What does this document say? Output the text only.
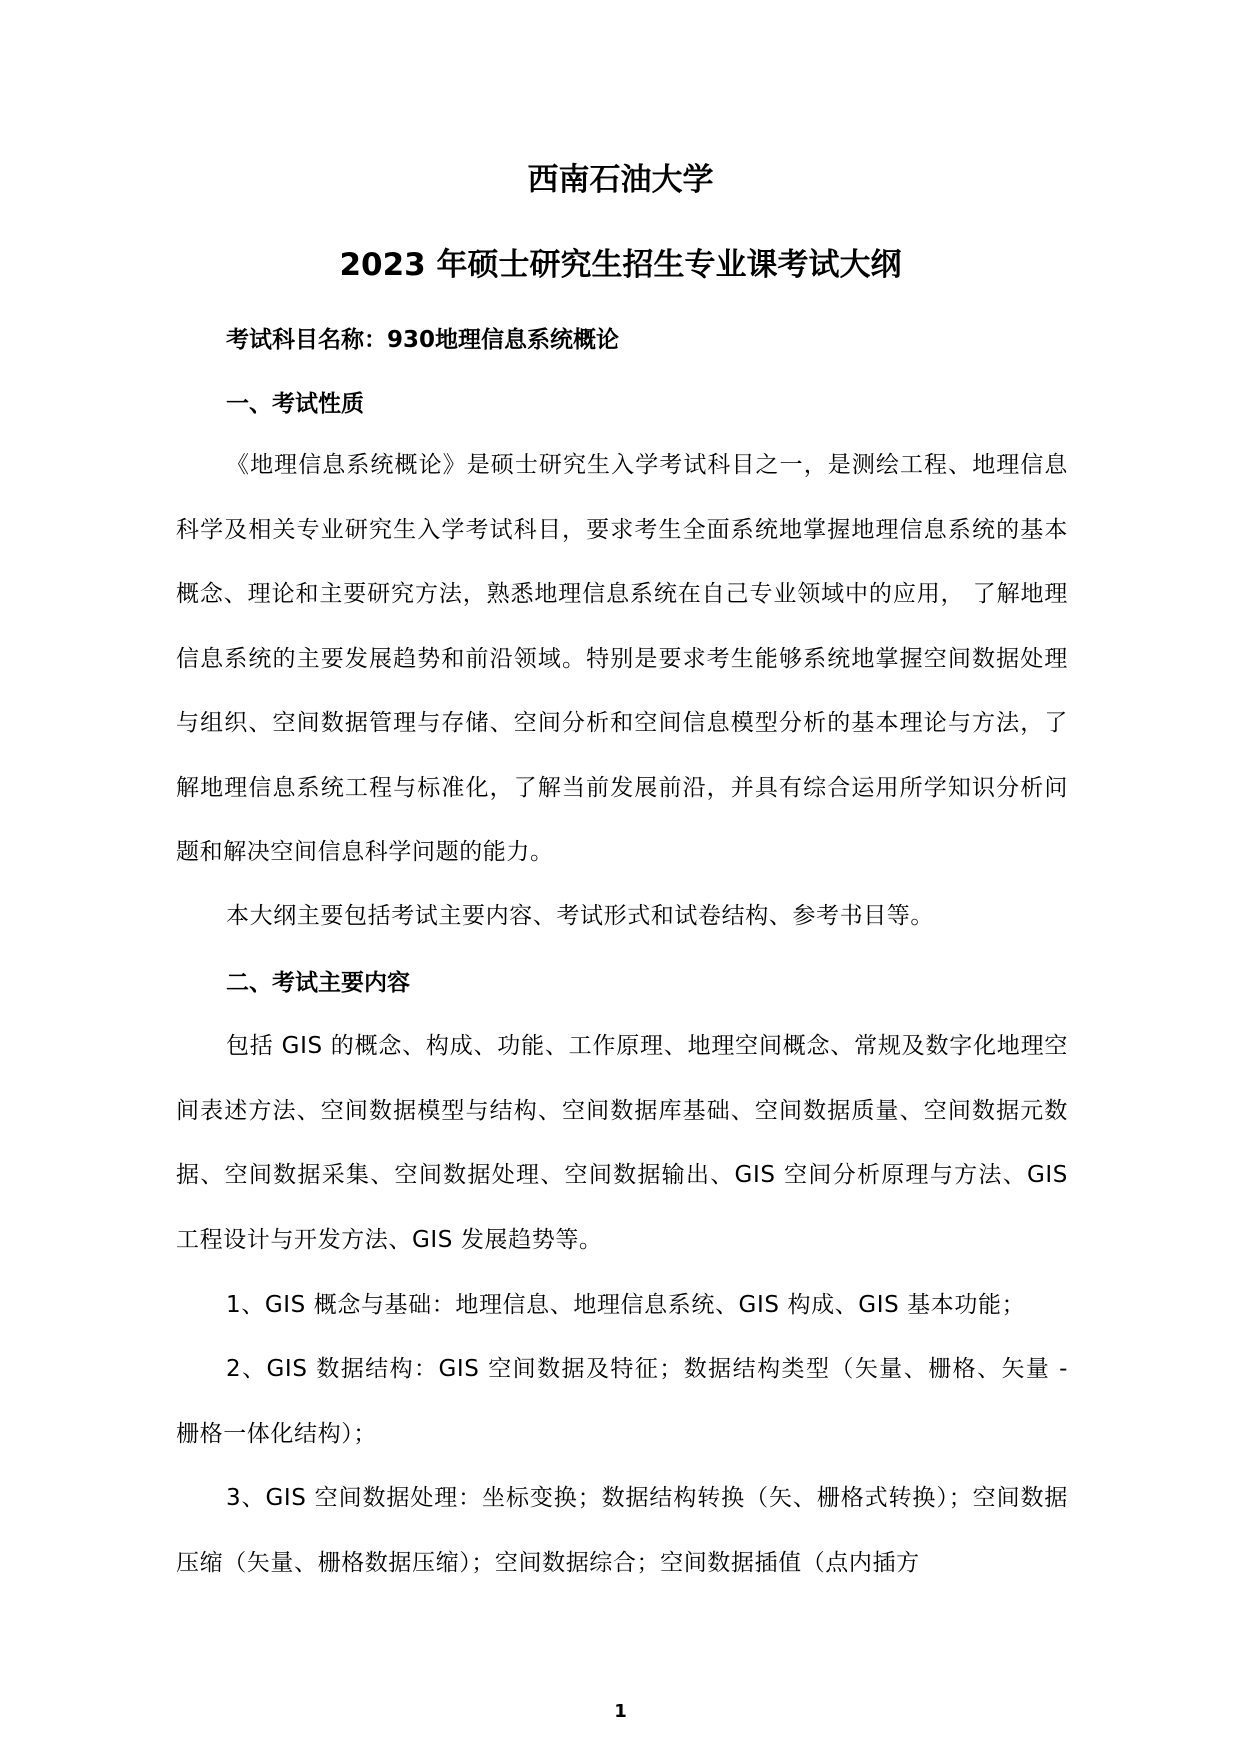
西南石油大学
2023 年硕士研究生招生专业课考试大纲
考试科目名称：930地理信息系统概论
一、考试性质

《地理信息系统概论》是硕士研究生入学考试科目之一，是测绘工程、地理信息科学及相关专业研究生入学考试科目，要求考生全面系统地掌握地理信息系统的基本概念、理论和主要研究方法，熟悉地理信息系统在自己专业领域中的应用， 了解地理信息系统的主要发展趋势和前沿领域。特别是要求考生能够系统地掌握空间数据处理与组织、空间数据管理与存储、空间分析和空间信息模型分析的基本理论与方法，了解地理信息系统工程与标准化，了解当前发展前沿，并具有综合运用所学知识分析问题和解决空间信息科学问题的能力。

本大纲主要包括考试主要内容、考试形式和试卷结构、参考书目等。

二、考试主要内容

包括 GIS 的概念、构成、功能、工作原理、地理空间概念、常规及数字化地理空间表述方法、空间数据模型与结构、空间数据库基础、空间数据质量、空间数据元数据、空间数据采集、空间数据处理、空间数据输出、GIS 空间分析原理与方法、GIS 工程设计与开发方法、GIS 发展趋势等。

1、GIS 概念与基础：地理信息、地理信息系统、GIS 构成、GIS 基本功能；

2、GIS 数据结构：GIS 空间数据及特征；数据结构类型（矢量、栅格、矢量 - 栅格一体化结构）；

3、GIS 空间数据处理：坐标变换；数据结构转换（矢、栅格式转换）；空间数据压缩（矢量、栅格数据压缩）；空间数据综合；空间数据插值（点内插方

1
